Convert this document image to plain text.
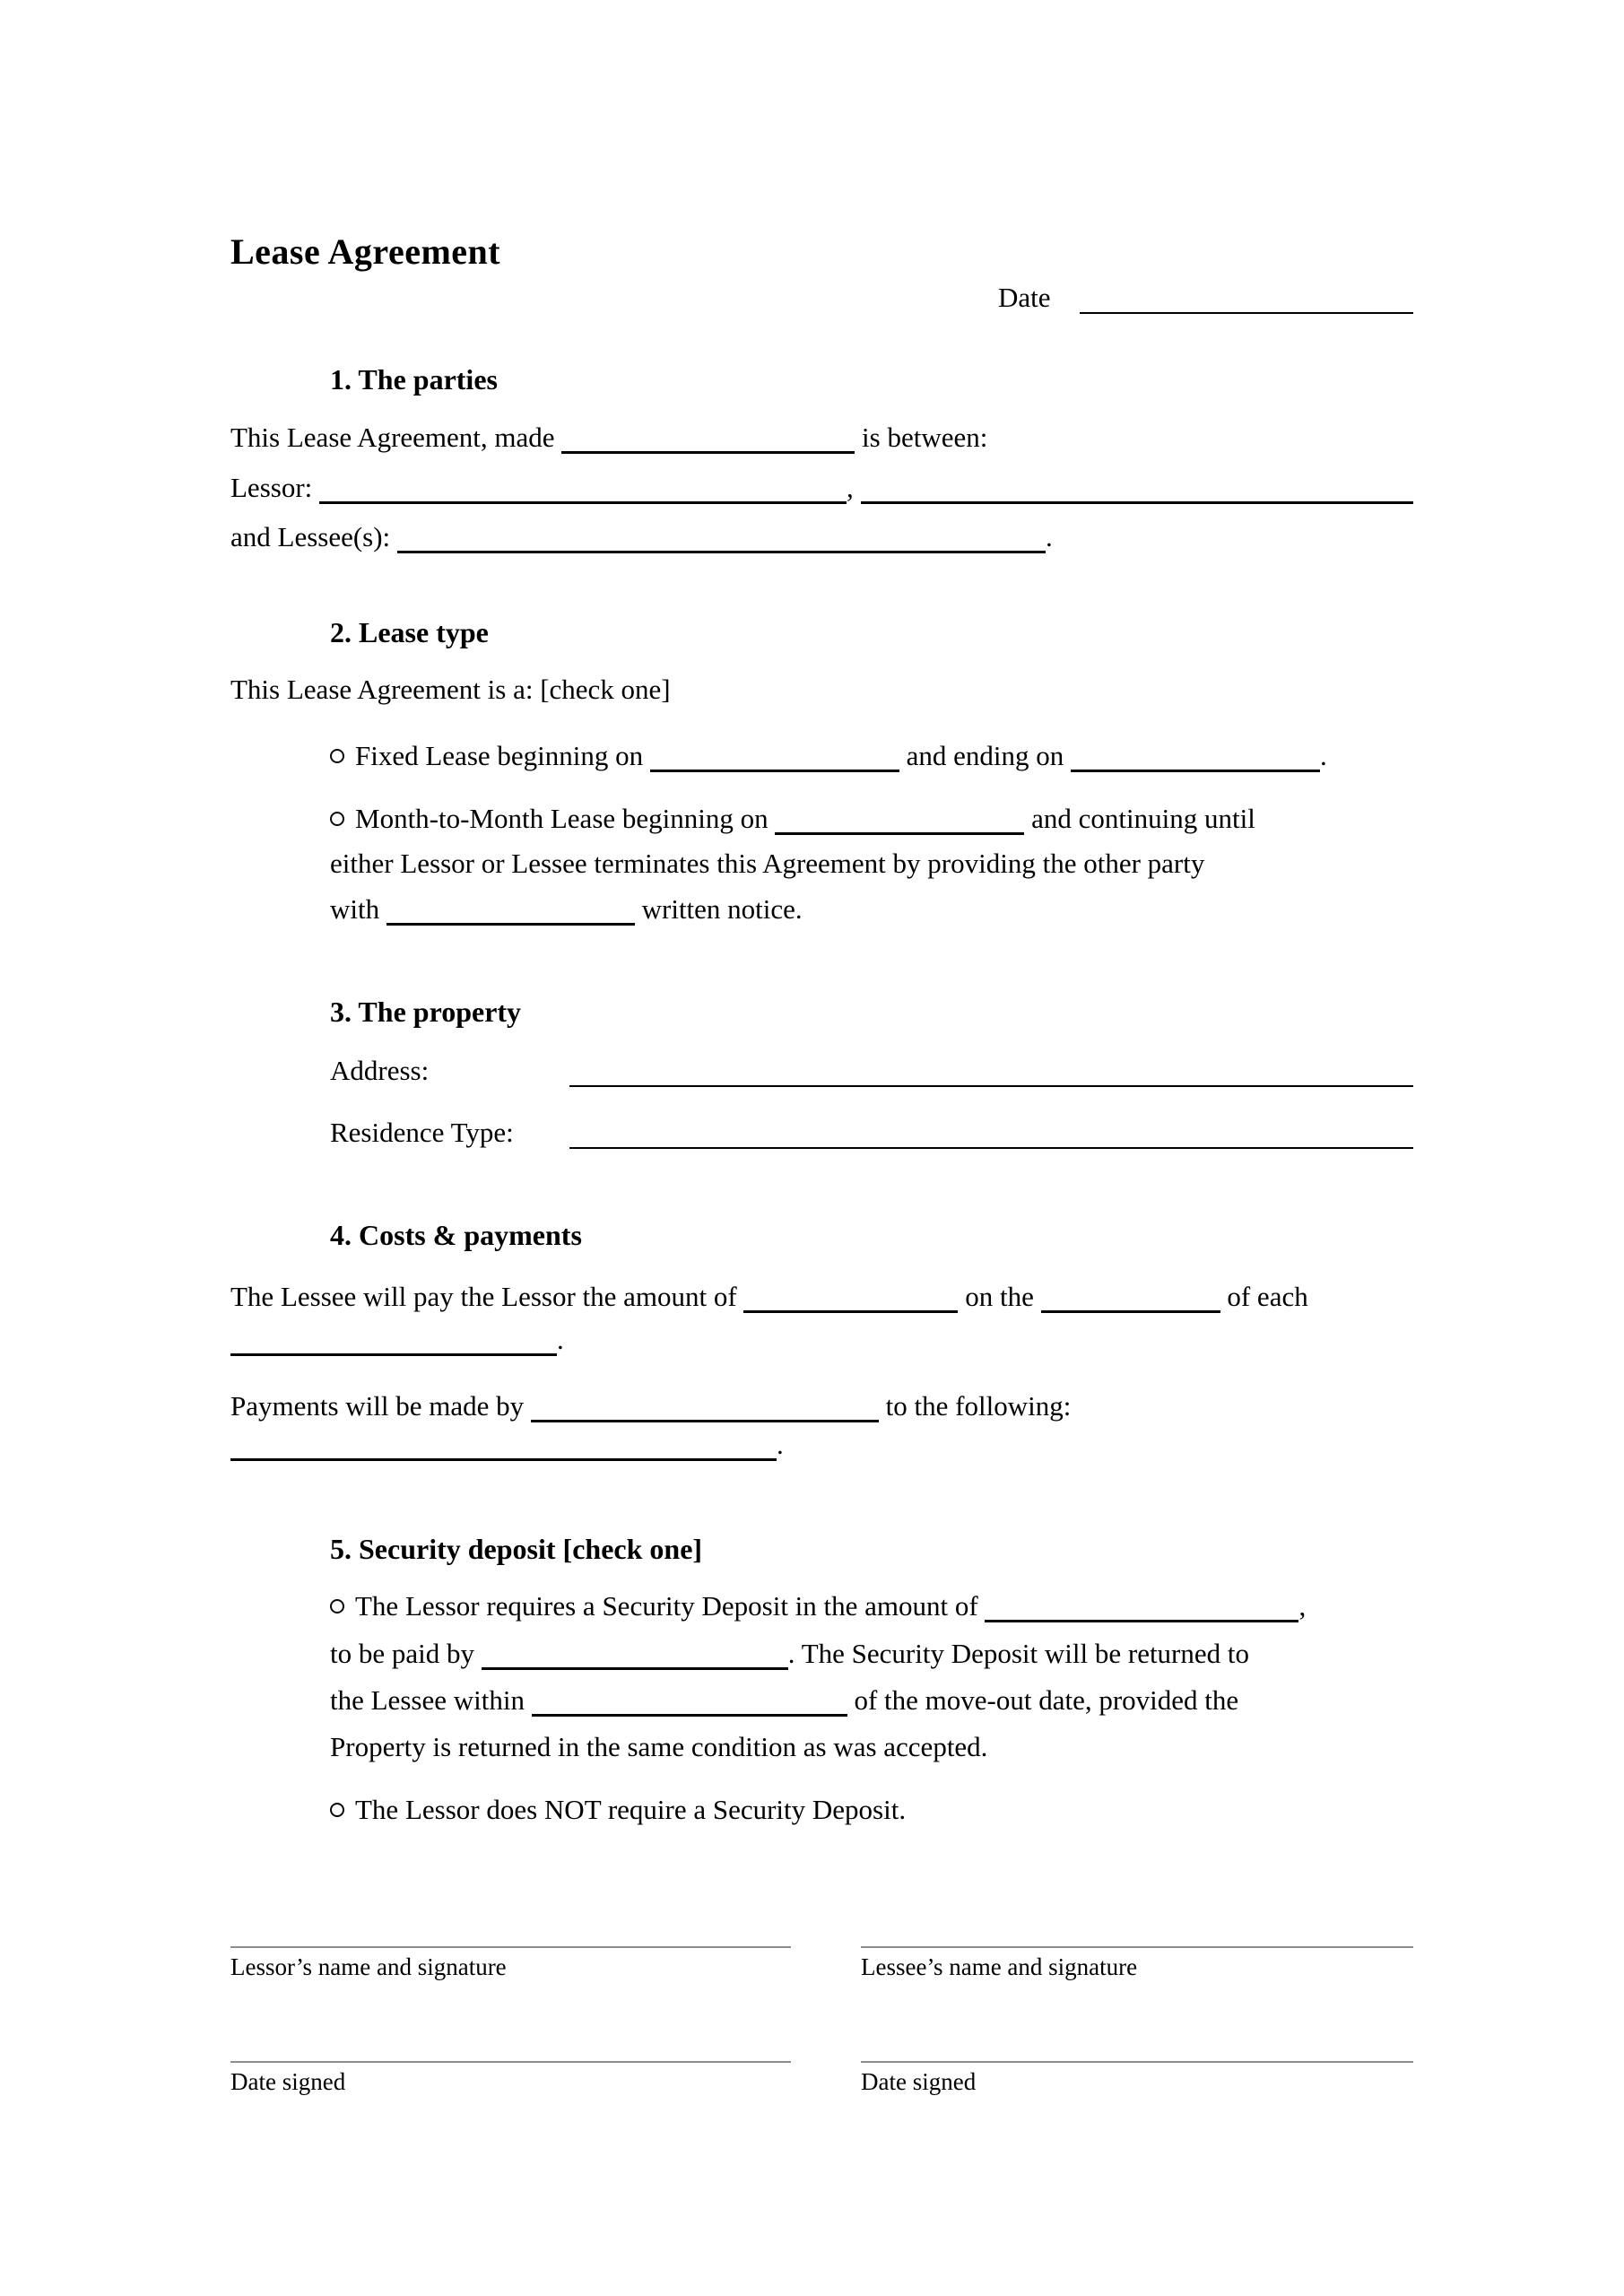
Lease Agreement
Date
1. The parties
This Lease Agreement, made	is between:
Lessor:	,
and Lessee(s):	.
2. Lease type
This Lease Agreement is a: [check one]
Fixed Lease beginning on	and ending on	.
Month-to-Month Lease beginning on	and continuing until
either Lessor or Lessee terminates this Agreement by providing the other party
with	written notice.
3. The property
Address:
Residence Type:
4. Costs & payments
The Lessee will pay the Lessor the amount of	on the	of each
.
Payments will be made by	to the following:
.
5. Security deposit [check one]
The Lessor requires a Security Deposit in the amount of	,
to be paid by	. The Security Deposit will be returned to
the Lessee within	of the move-out date, provided the
Property is returned in the same condition as was accepted.
The Lessor does NOT require a Security Deposit.
Lessor’s name and signature
Date signed
Lessee’s name and signature
Date signed
